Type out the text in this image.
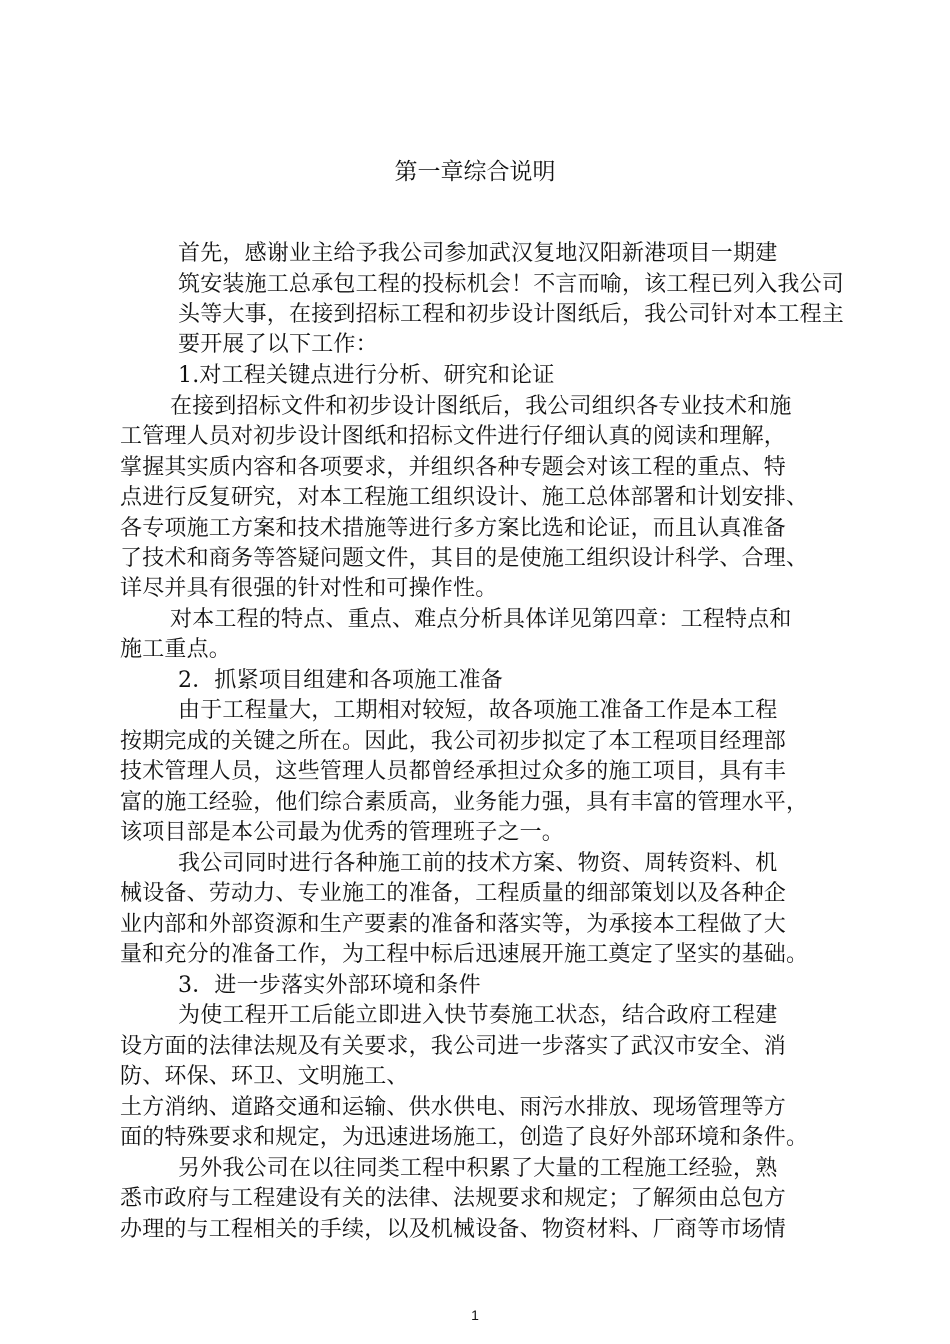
第一章综合说明
首先，感谢业主给予我公司参加武汉复地汉阳新港项目一期建
筑安装施工总承包工程的投标机会！不言而喻，该工程已列入我公司
头等大事，在接到招标工程和初步设计图纸后，我公司针对本工程主
要开展了以下工作：
1.对工程关键点进行分析、研究和论证
在接到招标文件和初步设计图纸后，我公司组织各专业技术和施
工管理人员对初步设计图纸和招标文件进行仔细认真的阅读和理解，
掌握其实质内容和各项要求，并组织各种专题会对该工程的重点、特
点进行反复研究，对本工程施工组织设计、施工总体部署和计划安排、
各专项施工方案和技术措施等进行多方案比选和论证，而且认真准备
了技术和商务等答疑问题文件，其目的是使施工组织设计科学、合理、
详尽并具有很强的针对性和可操作性。
对本工程的特点、重点、难点分析具体详见第四章：工程特点和
施工重点。
2．抓紧项目组建和各项施工准备
由于工程量大，工期相对较短，故各项施工准备工作是本工程
按期完成的关键之所在。因此，我公司初步拟定了本工程项目经理部
技术管理人员，这些管理人员都曾经承担过众多的施工项目，具有丰
富的施工经验，他们综合素质高，业务能力强，具有丰富的管理水平，
该项目部是本公司最为优秀的管理班子之一。
我公司同时进行各种施工前的技术方案、物资、周转资料、机
械设备、劳动力、专业施工的准备，工程质量的细部策划以及各种企
业内部和外部资源和生产要素的准备和落实等，为承接本工程做了大
量和充分的准备工作，为工程中标后迅速展开施工奠定了坚实的基础。
3．进一步落实外部环境和条件
为使工程开工后能立即进入快节奏施工状态，结合政府工程建
设方面的法律法规及有关要求，我公司进一步落实了武汉市安全、消
防、环保、环卫、文明施工、
土方消纳、道路交通和运输、供水供电、雨污水排放、现场管理等方
面的特殊要求和规定，为迅速进场施工，创造了良好外部环境和条件。
另外我公司在以往同类工程中积累了大量的工程施工经验，熟
悉市政府与工程建设有关的法律、法规要求和规定；了解须由总包方
办理的与工程相关的手续，以及机械设备、物资材料、厂商等市场情
1
